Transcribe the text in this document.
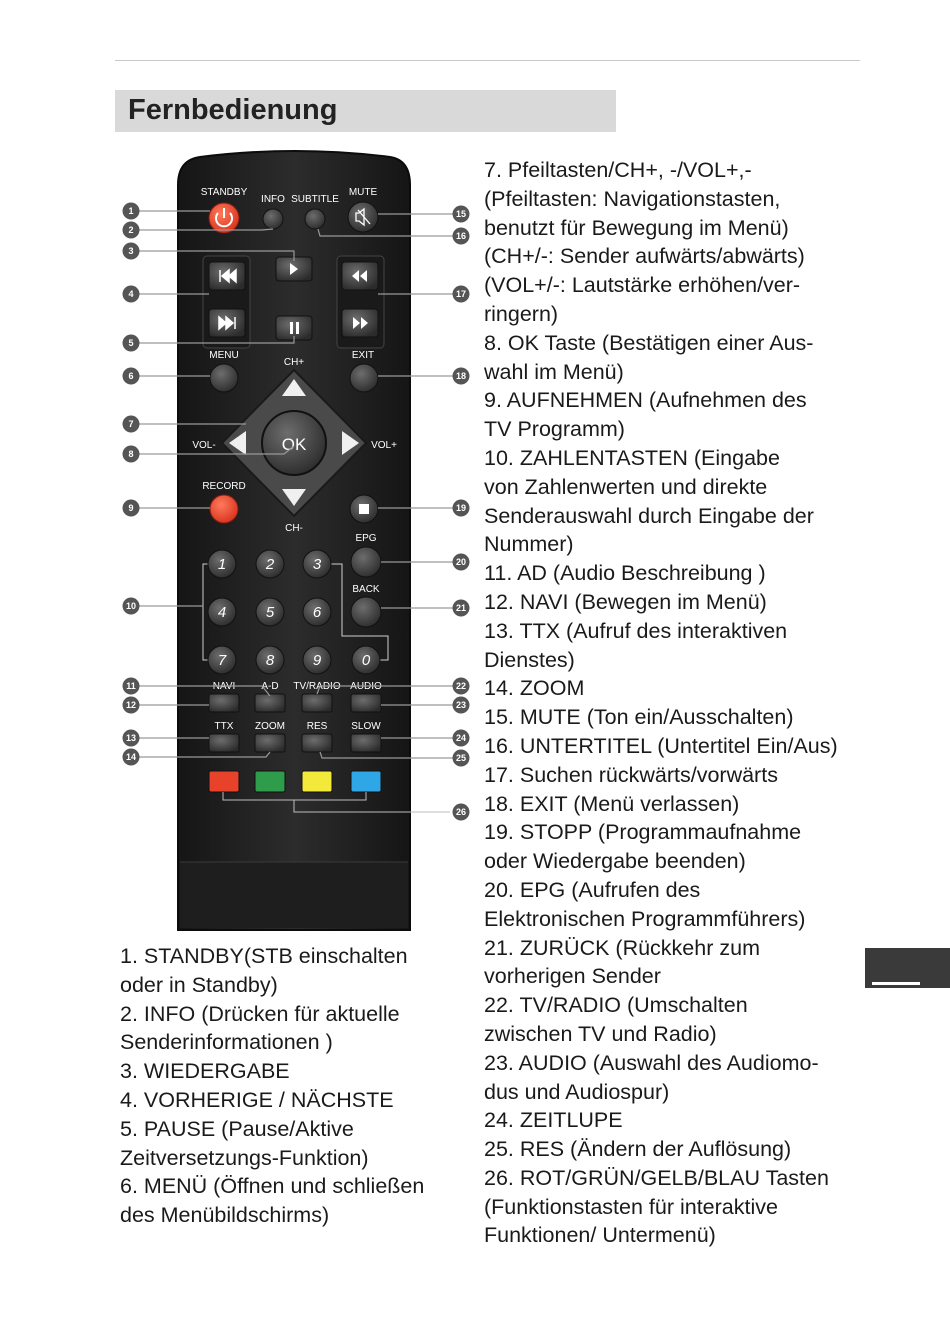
Fernbedienung
STANDBY
INFO SUBTITLE
MUTE
MENU	EXIT
CH+
CH-
VOL-	VOL+
OK
RECORD
EPG
BACK
1	2	3
4	5	6
7	8	9	0
NAVI	A-D TV/RADIO AUDIO
TTX ZOOM RES SLOW
1
2
3
4
5
6
7
8
9
10
11
12
13
14
15
16
17
18
19
20
21
22
23
24
25
26
1. STANDBY(STB einschalten
oder in Standby)
2. INFO (Drücken für aktuelle
Senderinformationen )
3. WIEDERGABE
4. VORHERIGE / NÄCHSTE
5. PAUSE (Pause/Aktive
Zeitversetzungs-Funktion)
6. MENÜ (Öffnen und schließen
des Menübildschirms)
7. Pfeiltasten/CH+, -/VOL+,-
(Pfeiltasten: Navigationstasten,
benutzt für Bewegung im Menü)
(CH+/-: Sender aufwärts/abwärts)
(VOL+/-: Lautstärke erhöhen/ver-
ringern)
8. OK Taste (Bestätigen einer Aus-
wahl im Menü)
9. AUFNEHMEN (Aufnehmen des
TV Programm)
10. ZAHLENTASTEN (Eingabe
von Zahlenwerten und direkte
Senderauswahl durch Eingabe der
Nummer)
11. AD (Audio Beschreibung )
12. NAVI (Bewegen im Menü)
13. TTX (Aufruf des interaktiven
Dienstes)
14. ZOOM
15. MUTE (Ton ein/Ausschalten)
16. UNTERTITEL (Untertitel Ein/Aus)
17. Suchen rückwärts/vorwärts
18. EXIT (Menü verlassen)
19. STOPP (Programmaufnahme
oder Wiedergabe beenden)
20. EPG (Aufrufen des
Elektronischen Programmführers)
21. ZURÜCK (Rückkehr zum
vorherigen Sender
22. TV/RADIO (Umschalten
zwischen TV und Radio)
23. AUDIO (Auswahl des Audiomo-
dus und Audiospur)
24. ZEITLUPE
25. RES (Ändern der Auflösung)
26. ROT/GRÜN/GELB/BLAU Tasten
(Funktionstasten für interaktive
Funktionen/ Untermenü)
